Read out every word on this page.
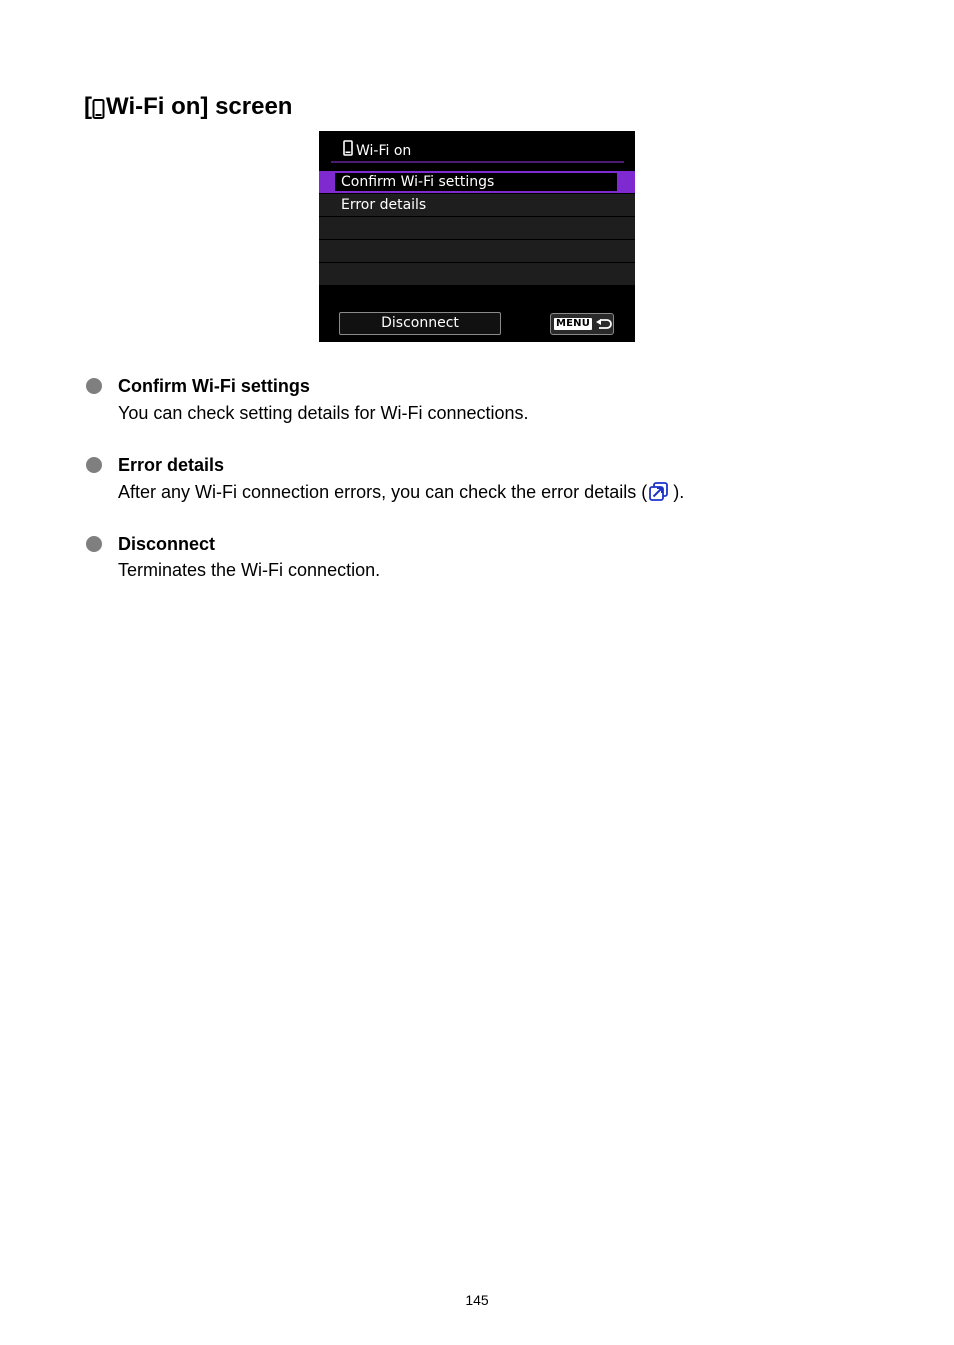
[ Wi-Fi on] screen
Wi-Fi on
Confirm Wi-Fi settings
Error details
Disconnect	MENU

Confirm Wi-Fi settings

You can check setting details for Wi-Fi connections.

Error details

After any Wi-Fi connection errors, you can check the error details ( ).

Disconnect

Terminates the Wi-Fi connection.

145
